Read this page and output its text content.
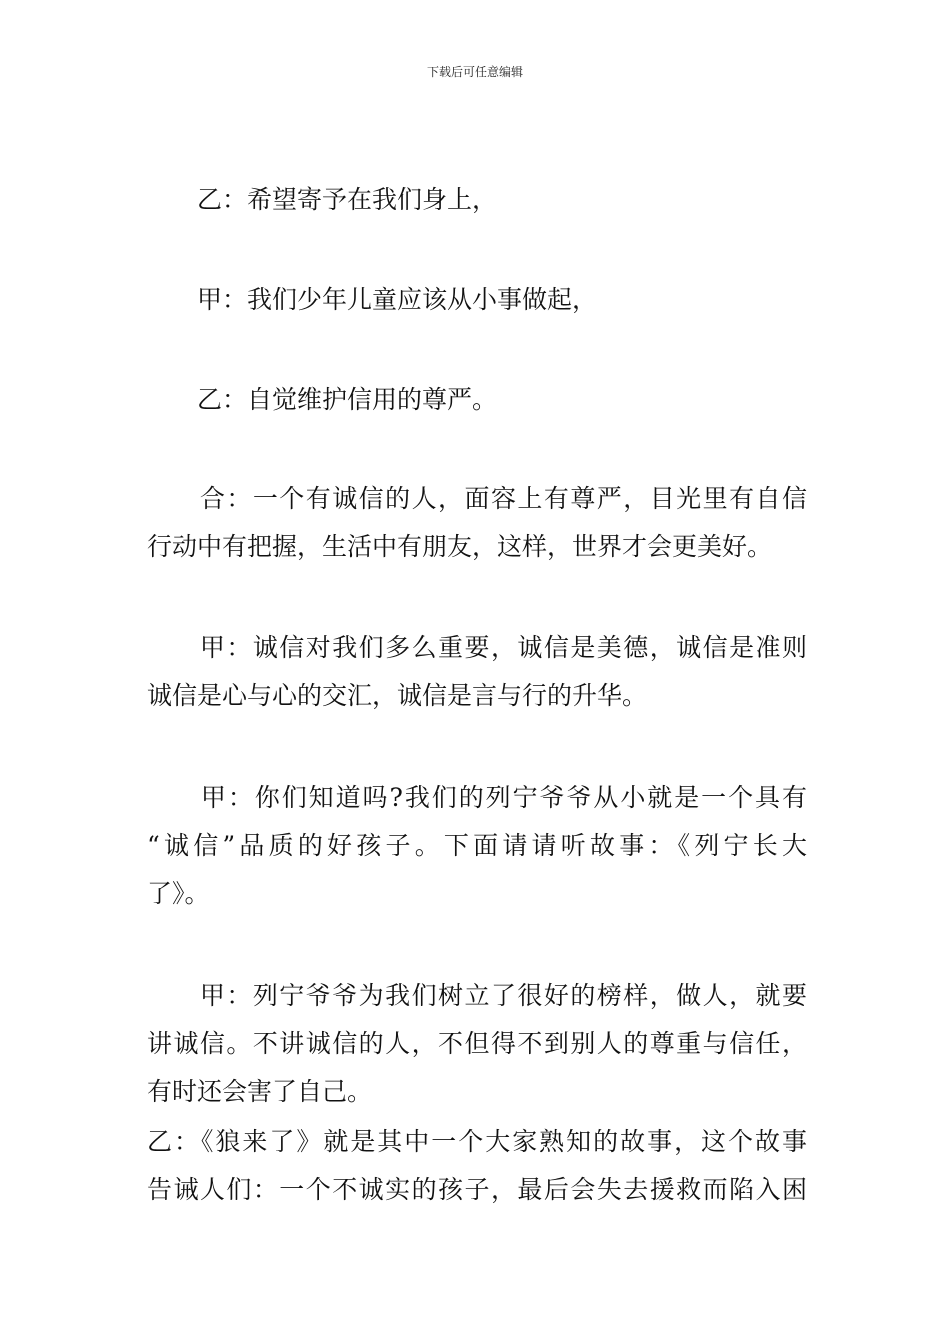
下载后可任意编辑
　　乙：希望寄予在我们身上，
　　甲：我们少年儿童应该从小事做起，
　　乙：自觉维护信用的尊严。
　　合：一个有诚信的人，面容上有尊严，目光里有自信
行动中有把握，生活中有朋友，这样，世界才会更美好。
　　甲：诚信对我们多么重要，诚信是美德，诚信是准则
诚信是心与心的交汇，诚信是言与行的升华。
　　甲：你们知道吗?我们的列宁爷爷从小就是一个具有
“诚信”品质的好孩子。下面请请听故事：《列宁长大
了》。
　　甲：列宁爷爷为我们树立了很好的榜样，做人，就要
讲诚信。不讲诚信的人，不但得不到别人的尊重与信任，
有时还会害了自己。
乙：《狼来了》就是其中一个大家熟知的故事，这个故事
告诫人们：一个不诚实的孩子，最后会失去援救而陷入困
